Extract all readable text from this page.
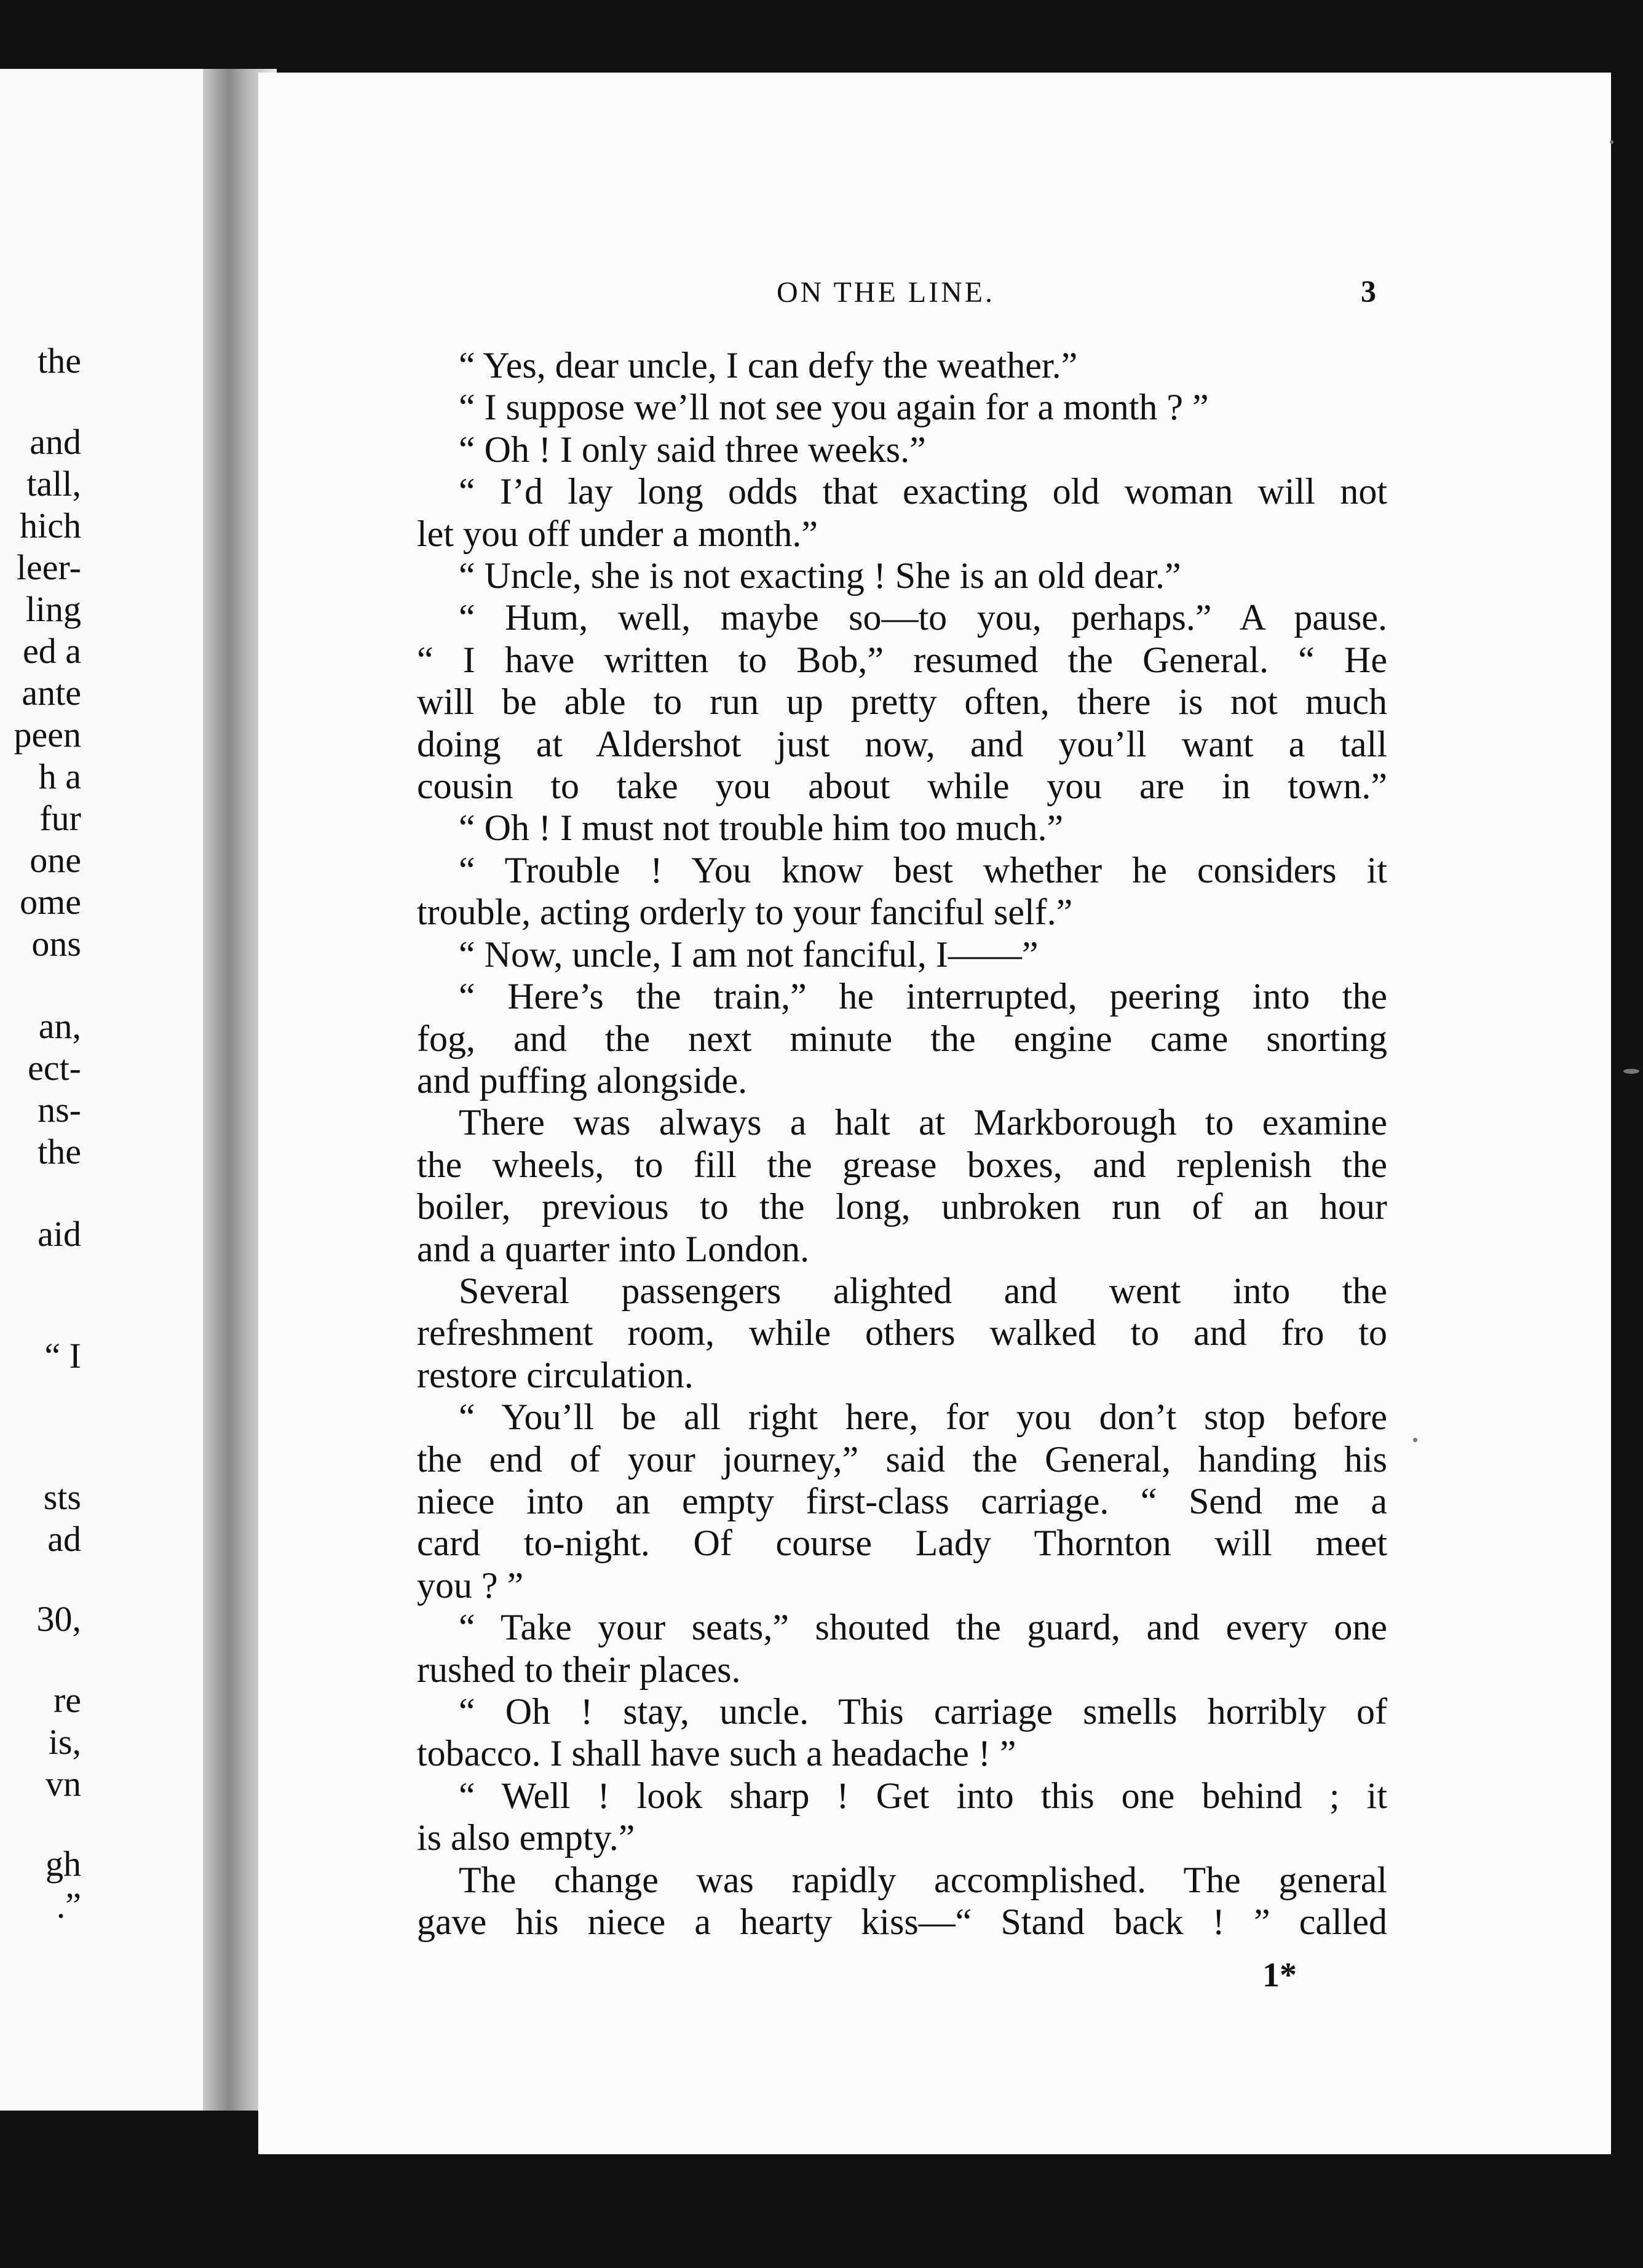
the
and
tall,
hich
leer-
ling
ed a
ante
peen
h a
fur
one
ome
ons
an,
ect-
ns-
the
aid
“ I
sts
ad
30,
re
is,
vn
gh
.”
ON THE LINE.	3
“ Yes, dear uncle, I can defy the weather.”
“ I suppose we’ll not see you again for a month ? ”
“ Oh ! I only said three weeks.”
“ I’d lay long odds that exacting old woman will not
let you off under a month.”
“ Uncle, she is not exacting ! She is an old dear.”
“ Hum, well, maybe so—to you, perhaps.” A pause.
“ I have written to Bob,” resumed the General. “ He
will be able to run up pretty often, there is not much
doing at Aldershot just now, and you’ll want a tall
cousin to take you about while you are in town.”
“ Oh ! I must not trouble him too much.”
“ Trouble ! You know best whether he considers it
trouble, acting orderly to your fanciful self.”
“ Now, uncle, I am not fanciful, I——”
“ Here’s the train,” he interrupted, peering into the
fog, and the next minute the engine came snorting
and puffing alongside.
There was always a halt at Markborough to examine
the wheels, to fill the grease boxes, and replenish the
boiler, previous to the long, unbroken run of an hour
and a quarter into London.
Several passengers alighted and went into the
refreshment room, while others walked to and fro to
restore circulation.
“ You’ll be all right here, for you don’t stop before
the end of your journey,” said the General, handing his
niece into an empty first-class carriage. “ Send me a
card to-night. Of course Lady Thornton will meet
you ? ”
“ Take your seats,” shouted the guard, and every one
rushed to their places.
“ Oh ! stay, uncle. This carriage smells horribly of
tobacco. I shall have such a headache ! ”
“ Well ! look sharp ! Get into this one behind ; it
is also empty.”
The change was rapidly accomplished. The general
gave his niece a hearty kiss—“ Stand back ! ” called
1*
